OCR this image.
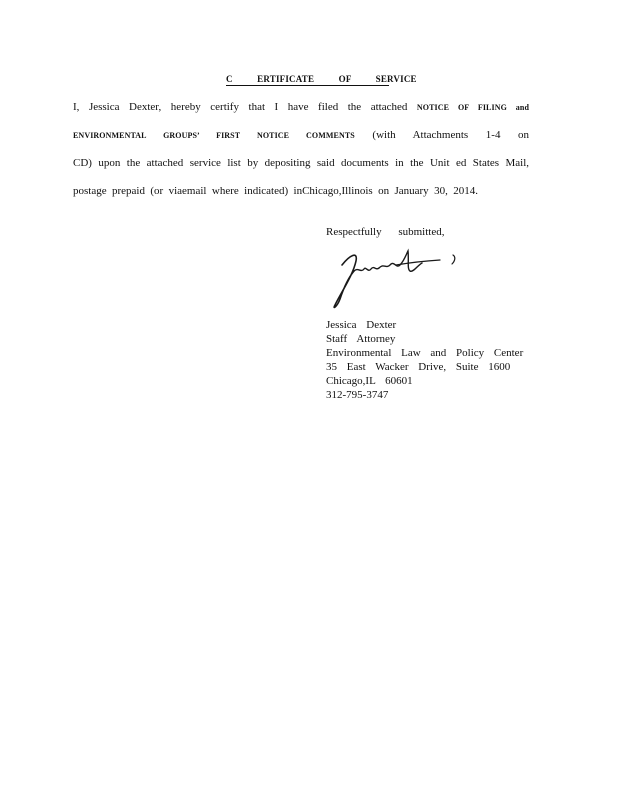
C ERTIFICATE OF SERVICE
I, Jessica Dexter, hereby certify that I have filed the attached NOTICE OF FILING and
ENVIRONMENTAL GROUPS’ FIRST NOTICE COMMENTS (with Attachments 1-4 on
CD) upon the attached service list by depositing said documents in the Unit ed States Mail,
postage prepaid (or viaemail where indicated) inChicago,Illinois on January 30, 2014.
Respectfully submitted,
Jessica Dexter
Staff Attorney
Environmental Law and Policy Center
35 East Wacker Drive, Suite 1600
Chicago,IL 60601
312-795-3747
